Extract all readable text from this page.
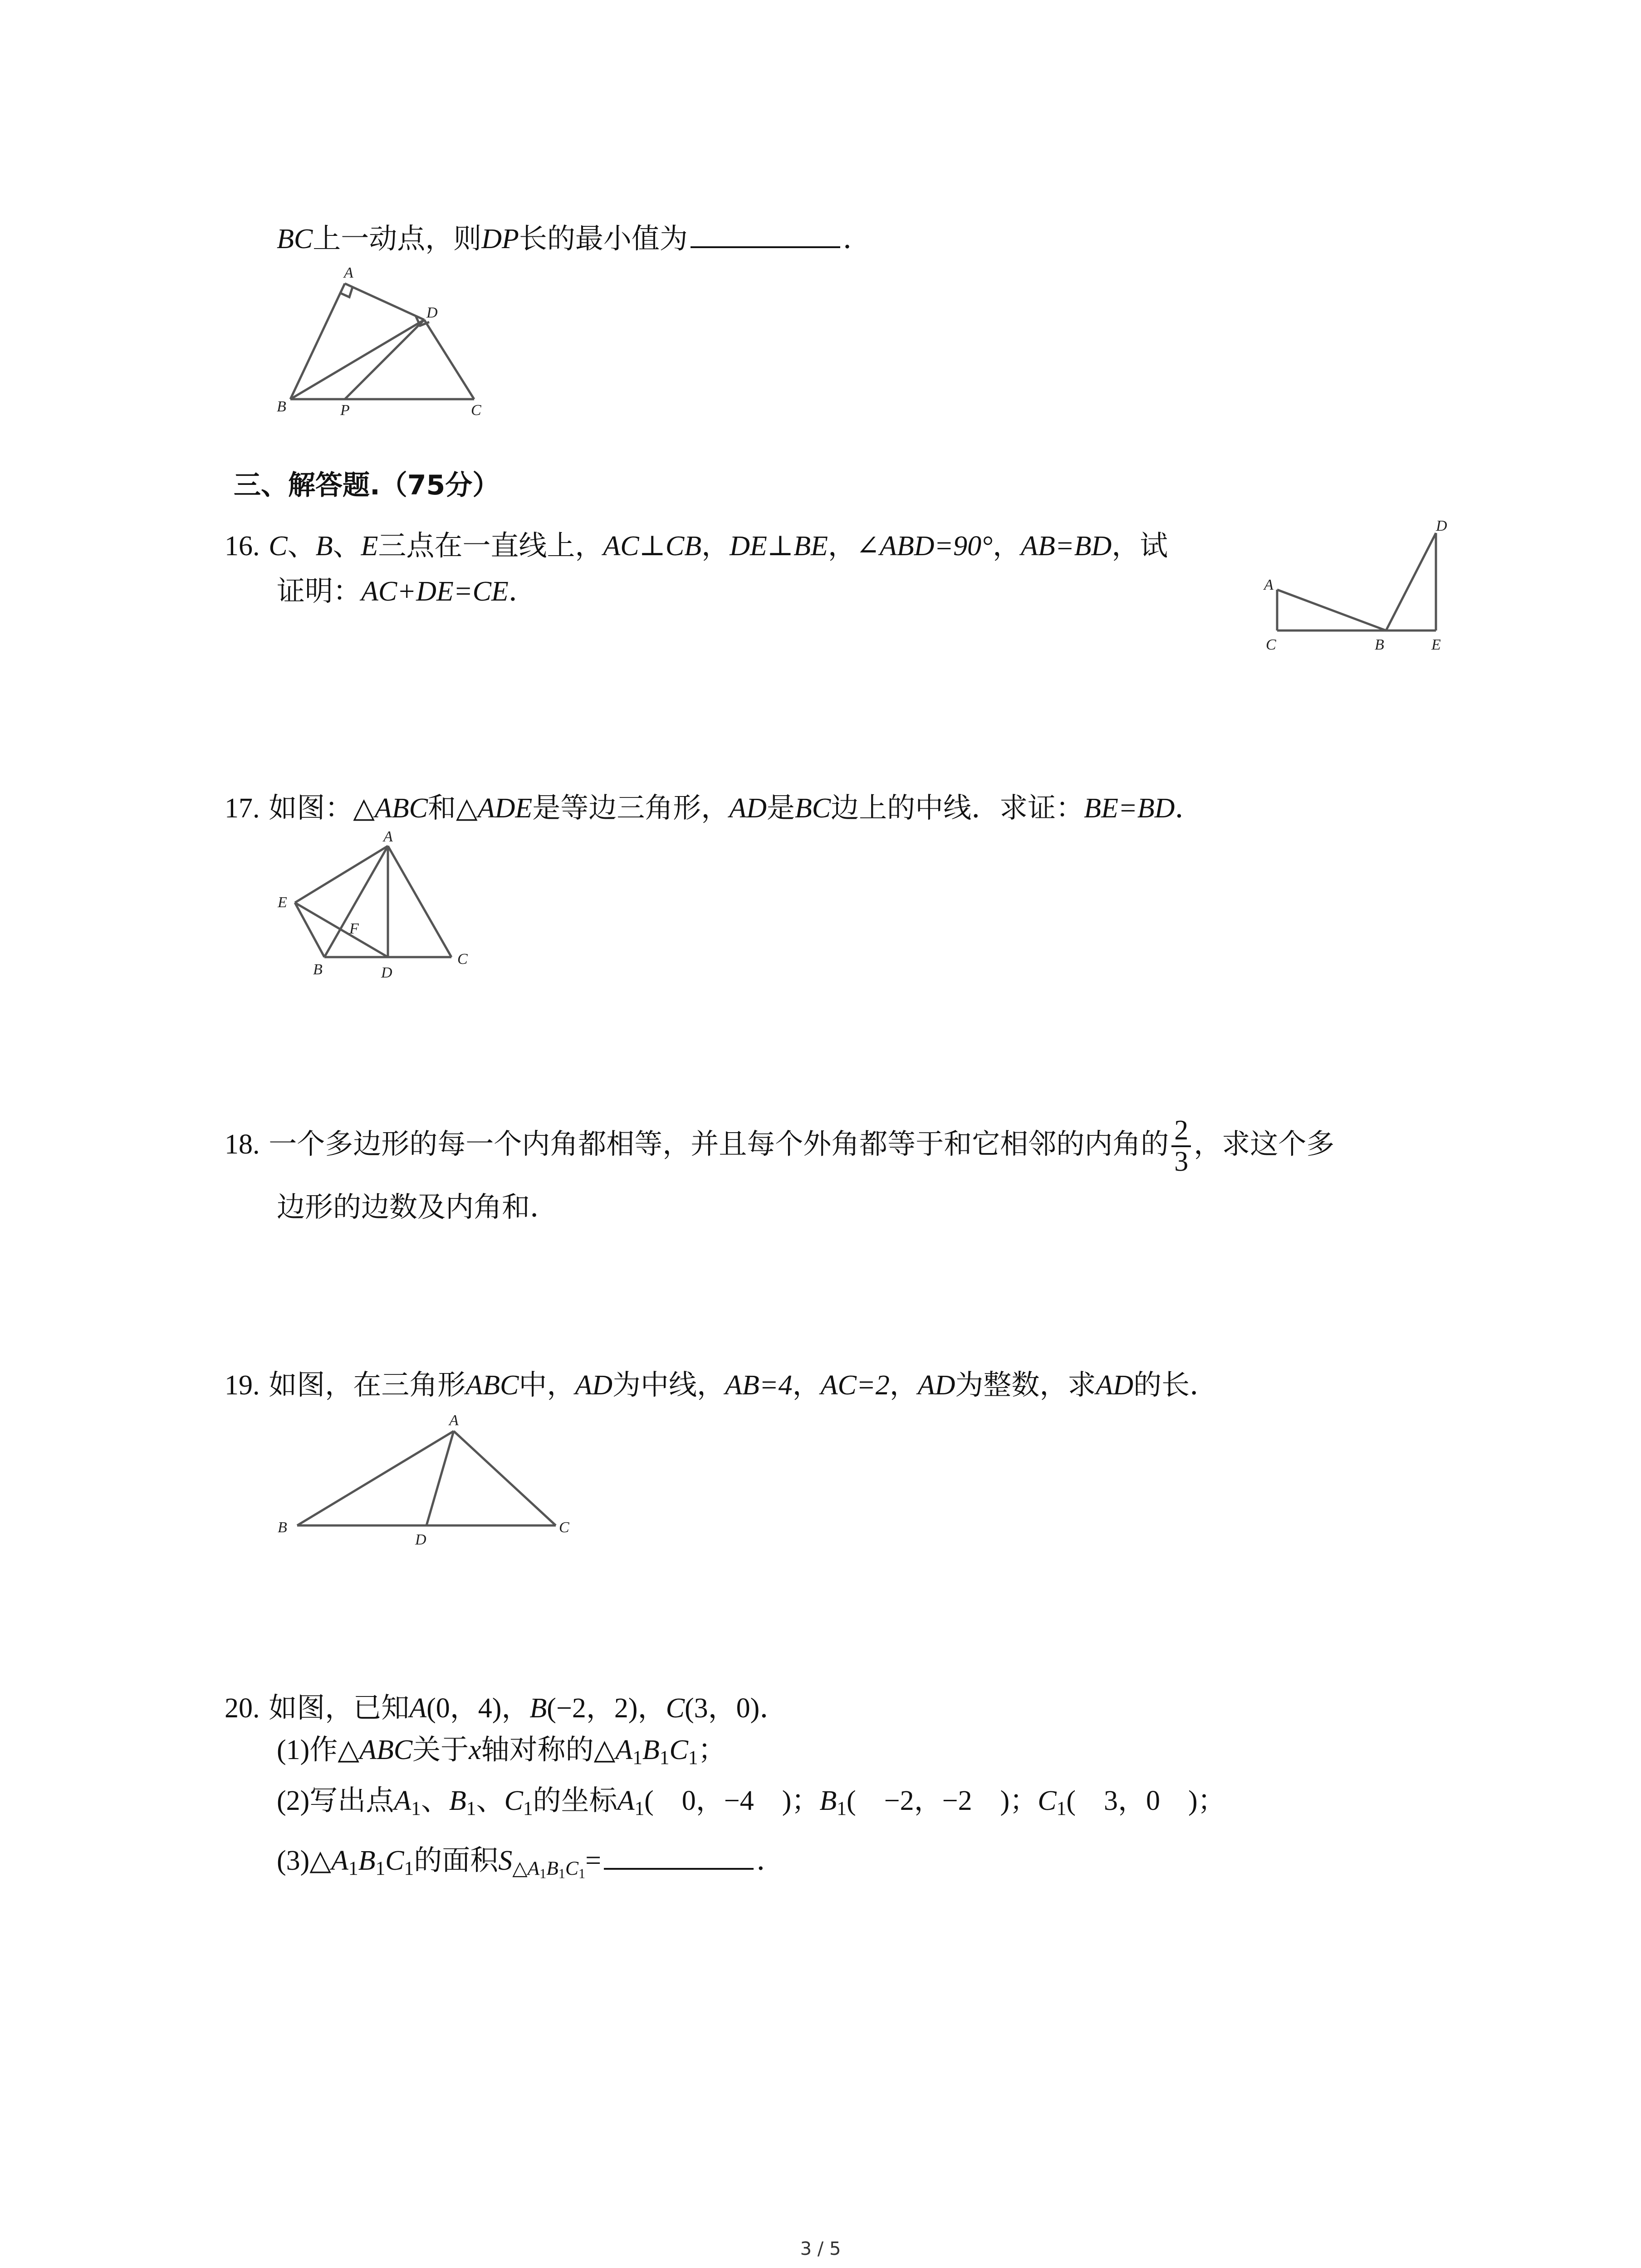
BC上一动点，则DP长的最小值为	．
A
D
B	P	C
三、解答题.（75分）
16. C、B、E三点在一直线上，AC⊥CB，DE⊥BE，∠ABD=90°，AB=BD，试
证明：AC+DE=CE．	A
C	B	E
D
17. 如图：△ABC和△ADE是等边三角形，AD是BC边上的中线．求证：BE=BD．
A
E
F
B	D
C
18. 一个多边形的每一个内角都相等，并且每个外角都等于和它相邻的内角的 $\frac{2}{3}$ ，求这个多
边形的边数及内角和．
19. 如图，在三角形ABC中，AD为中线，AB=4，AC=2，AD为整数，求AD的长．
A
B
D
C
20. 如图，已知A(0，4)，B(−2，2)，C(3，0)．
(1)作△ABC关于x轴对称的$\triangle A_1B_1C_1$；
(2)写出点$A_1$、$B_1$、$C_1$的坐标$A_1$(　0，−4　)；$B_1$(　−2，−2　)；$C_1$(　3，0　)；
$(3)\triangle A_1B_1C_1$的面积$S_{\triangle A_1B_1C_1}=$	．
3 / 5
